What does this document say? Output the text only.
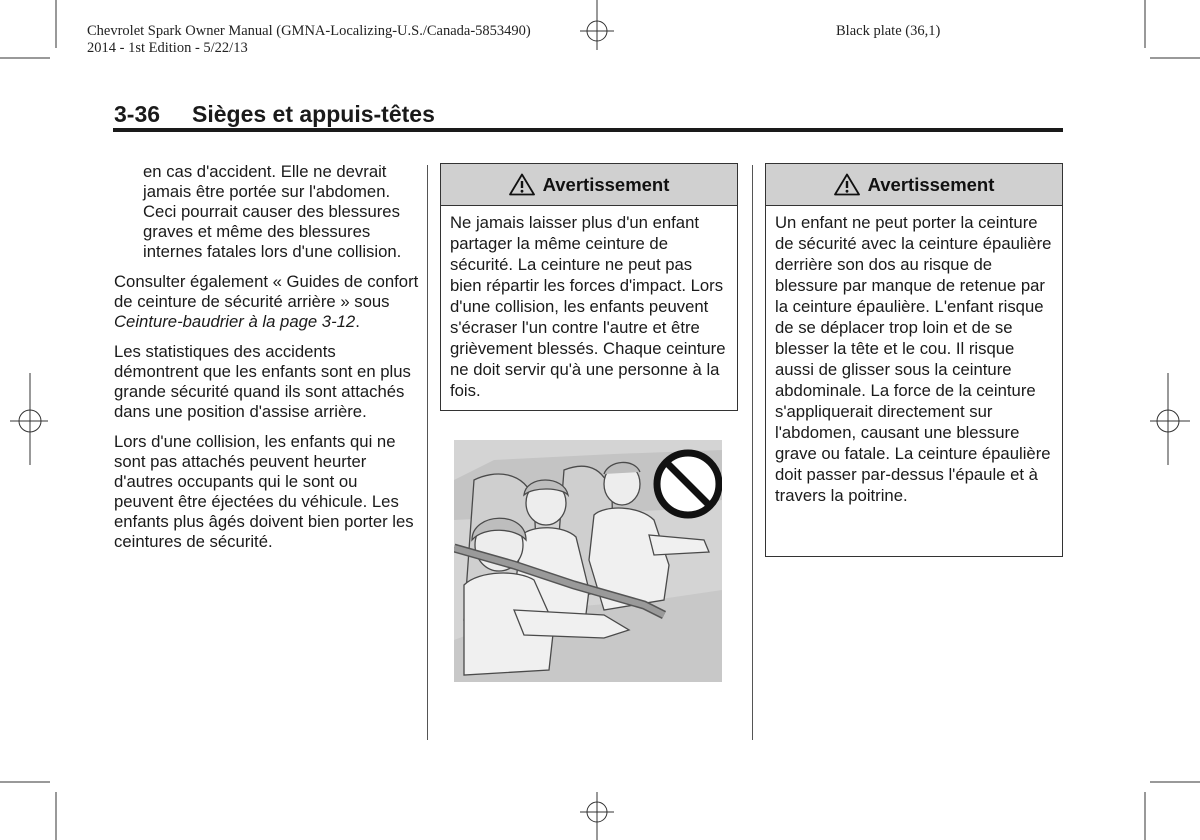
Chevrolet Spark Owner Manual (GMNA-Localizing-U.S./Canada-5853490)
2014 - 1st Edition - 5/22/13
Black plate (36,1)
3-36 Sièges et appuis-têtes

en cas d'accident. Elle ne devrait jamais être portée sur l'abdomen. Ceci pourrait causer des blessures graves et même des blessures internes fatales lors d'une collision.

Consulter également « Guides de confort de ceinture de sécurité arrière » sous Ceinture-baudrier à la page 3-12.

Les statistiques des accidents démontrent que les enfants sont en plus grande sécurité quand ils sont attachés dans une position d'assise arrière.

Lors d'une collision, les enfants qui ne sont pas attachés peuvent heurter d'autres occupants qui le sont ou peuvent être éjectées du véhicule. Les enfants plus âgés doivent bien porter les ceintures de sécurité.

Avertissement
Ne jamais laisser plus d'un enfant partager la même ceinture de sécurité. La ceinture ne peut pas bien répartir les forces d'impact. Lors d'une collision, les enfants peuvent s'écraser l'un contre l'autre et être grièvement blessés. Chaque ceinture ne doit servir qu'à une personne à la fois.
Avertissement
Un enfant ne peut porter la ceinture de sécurité avec la ceinture épaulière derrière son dos au risque de blessure par manque de retenue par la ceinture épaulière. L'enfant risque de se déplacer trop loin et de se blesser la tête et le cou. Il risque aussi de glisser sous la ceinture abdominale. La force de la ceinture s'appliquerait directement sur l'abdomen, causant une blessure grave ou fatale. La ceinture épaulière doit passer par-dessus l'épaule et à travers la poitrine.
